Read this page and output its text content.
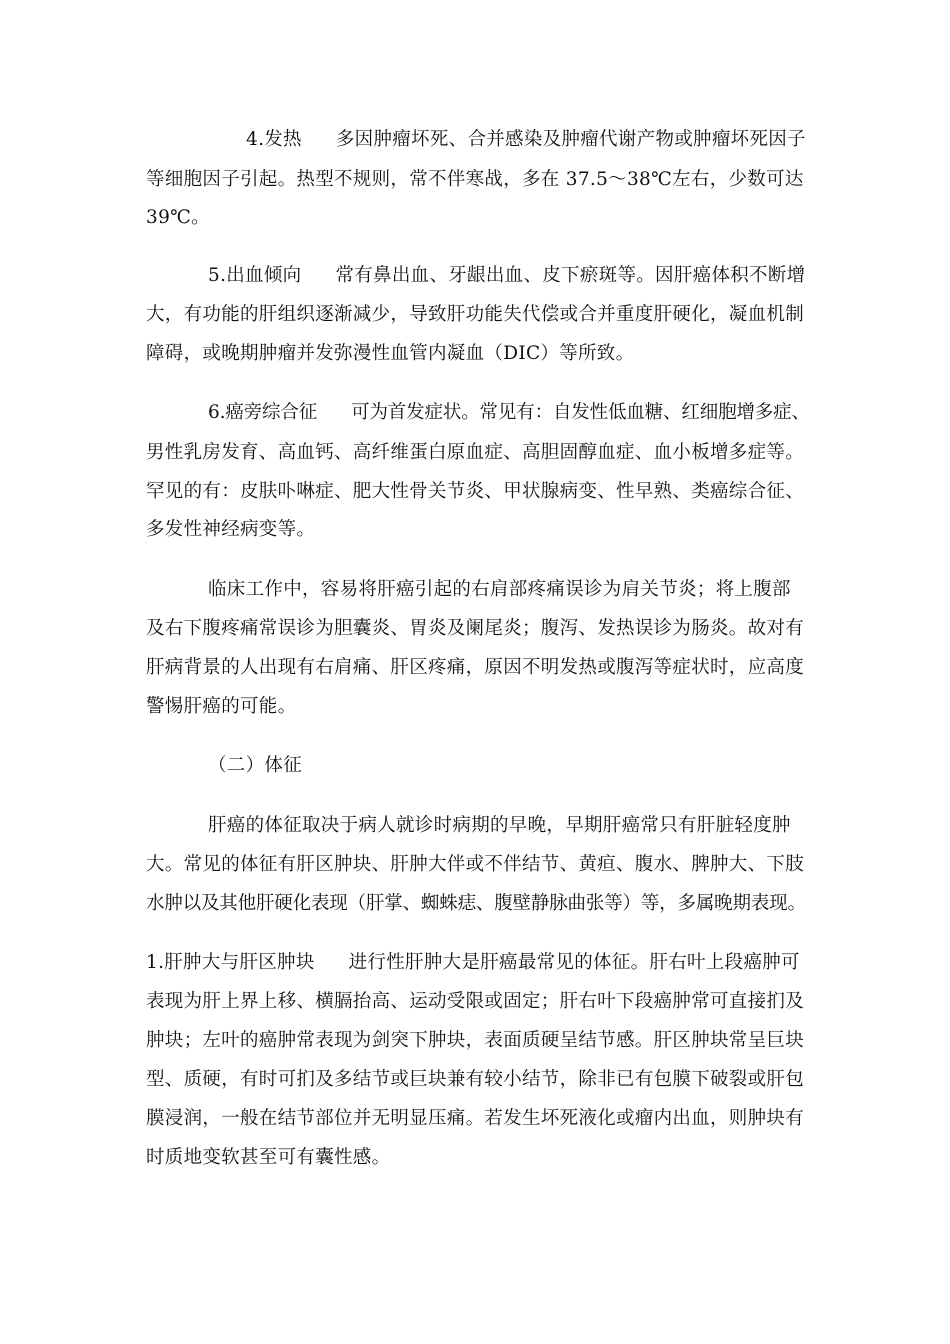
4.发热 多因肿瘤坏死、合并感染及肿瘤代谢产物或肿瘤坏死因子
等细胞因子引起。热型不规则，常不伴寒战，多在 37.5～38℃左右，少数可达
39℃。
5.出血倾向 常有鼻出血、牙龈出血、皮下瘀斑等。因肝癌体积不断增
大，有功能的肝组织逐渐减少，导致肝功能失代偿或合并重度肝硬化，凝血机制
障碍，或晚期肿瘤并发弥漫性血管内凝血（DIC）等所致。
6.癌旁综合征 可为首发症状。常见有：自发性低血糖、红细胞增多症、
男性乳房发育、高血钙、高纤维蛋白原血症、高胆固醇血症、血小板增多症等。
罕见的有：皮肤卟啉症、肥大性骨关节炎、甲状腺病变、性早熟、类癌综合征、
多发性神经病变等。
临床工作中，容易将肝癌引起的右肩部疼痛误诊为肩关节炎；将上腹部
及右下腹疼痛常误诊为胆囊炎、胃炎及阑尾炎；腹泻、发热误诊为肠炎。故对有
肝病背景的人出现有右肩痛、肝区疼痛，原因不明发热或腹泻等症状时，应高度
警惕肝癌的可能。
（二）体征
肝癌的体征取决于病人就诊时病期的早晚，早期肝癌常只有肝脏轻度肿
大。常见的体征有肝区肿块、肝肿大伴或不伴结节、黄疸、腹水、脾肿大、下肢
水肿以及其他肝硬化表现（肝掌、蜘蛛痣、腹壁静脉曲张等）等，多属晚期表现。
1.肝肿大与肝区肿块 进行性肝肿大是肝癌最常见的体征。肝右叶上段癌肿可
表现为肝上界上移、横膈抬高、运动受限或固定；肝右叶下段癌肿常可直接扪及
肿块；左叶的癌肿常表现为剑突下肿块，表面质硬呈结节感。肝区肿块常呈巨块
型、质硬，有时可扪及多结节或巨块兼有较小结节，除非已有包膜下破裂或肝包
膜浸润，一般在结节部位并无明显压痛。若发生坏死液化或瘤内出血，则肿块有
时质地变软甚至可有囊性感。
